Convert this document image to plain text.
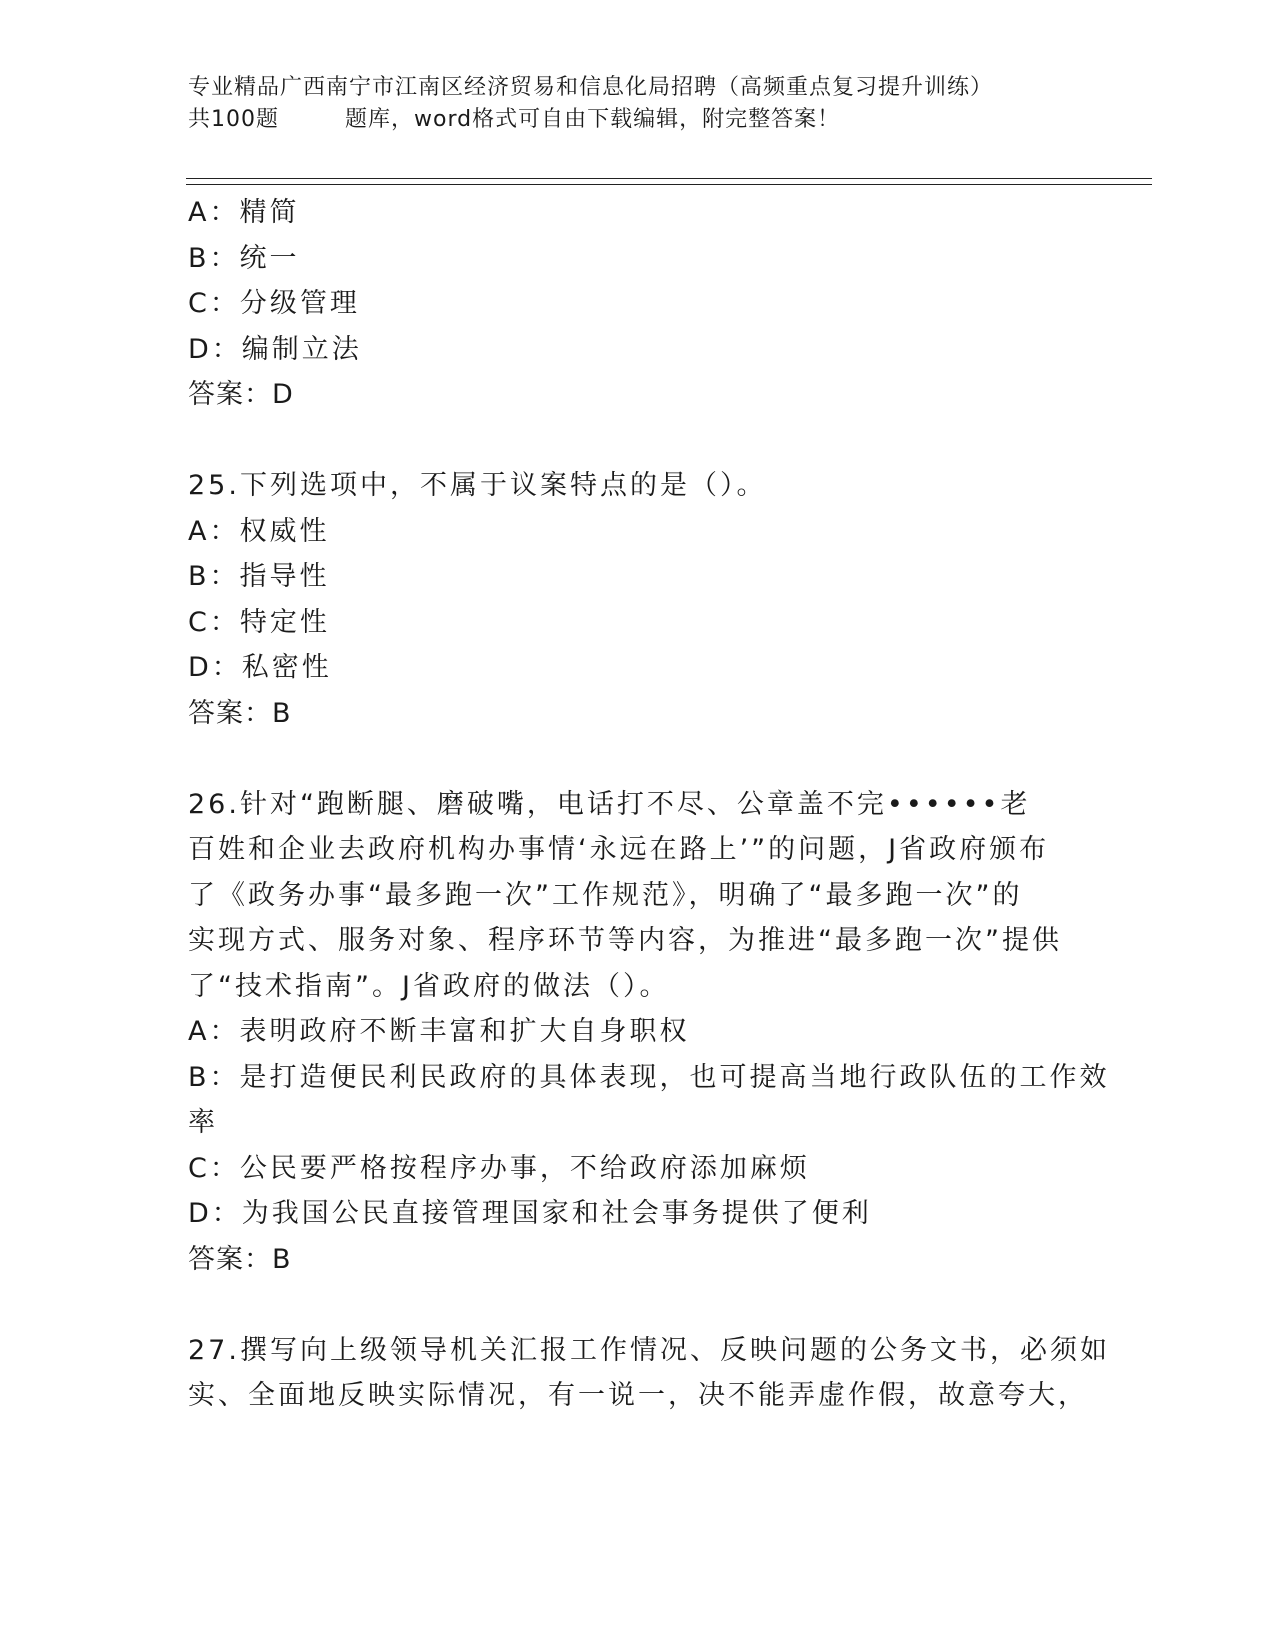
专业精品广西南宁市江南区经济贸易和信息化局招聘（高频重点复习提升训练）
共100题	题库，word格式可自由下载编辑，附完整答案！
A：精简
B：统一
C：分级管理
D：编制立法
答案：D
25.下列选项中，不属于议案特点的是（）。
A：权威性
B：指导性
C：特定性
D：私密性
答案：B
26.针对“跑断腿、磨破嘴，电话打不尽、公章盖不完••••••老
百姓和企业去政府机构办事情‘永远在路上’”的问题，J省政府颁布
了《政务办事“最多跑一次”工作规范》，明确了“最多跑一次”的
实现方式、服务对象、程序环节等内容，为推进“最多跑一次”提供
了“技术指南”。J省政府的做法（）。
A：表明政府不断丰富和扩大自身职权
B：是打造便民利民政府的具体表现，也可提高当地行政队伍的工作效
率
C：公民要严格按程序办事，不给政府添加麻烦
D：为我国公民直接管理国家和社会事务提供了便利
答案：B
27.撰写向上级领导机关汇报工作情况、反映问题的公务文书，必须如
实、全面地反映实际情况，有一说一，决不能弄虚作假，故意夸大，
